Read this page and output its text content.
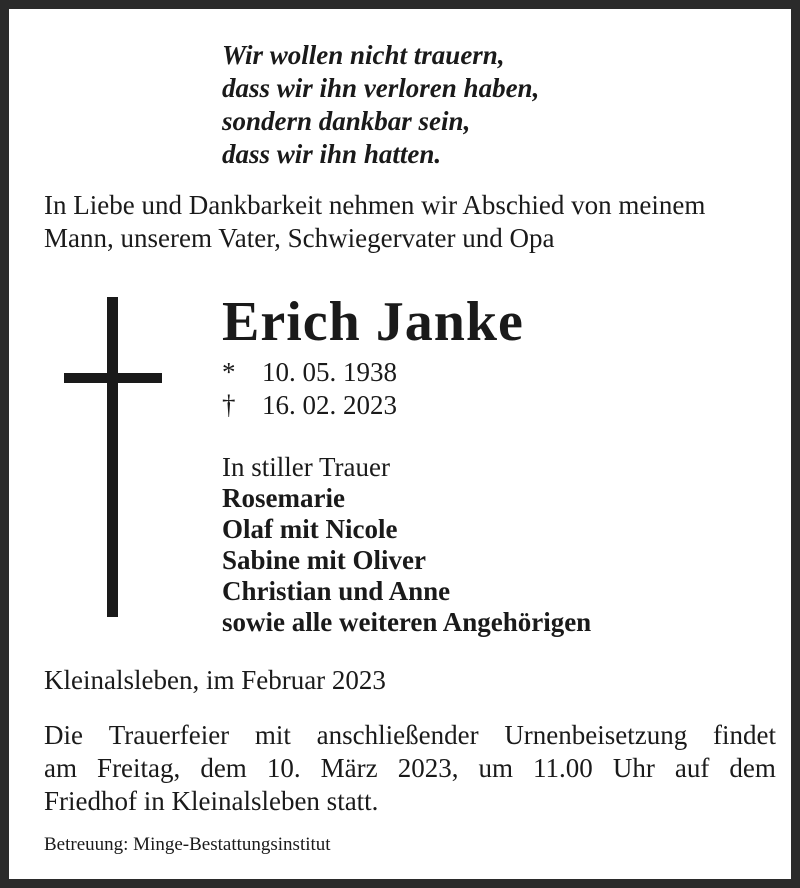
Wir wollen nicht trauern,
dass wir ihn verloren haben,
sondern dankbar sein,
dass wir ihn hatten.
In Liebe und Dankbarkeit nehmen wir Abschied von meinem
Mann, unserem Vater, Schwiegervater und Opa
Erich Janke
* 10. 05. 1938
† 16. 02. 2023
In stiller Trauer
Rosemarie
Olaf mit Nicole
Sabine mit Oliver
Christian und Anne
sowie alle weiteren Angehörigen
Kleinalsleben, im Februar 2023
Die Trauerfeier mit anschließender Urnenbeisetzung findet
am Freitag, dem 10. März 2023, um 11.00 Uhr auf dem
Friedhof in Kleinalsleben statt.
Betreuung: Minge-Bestattungsinstitut
